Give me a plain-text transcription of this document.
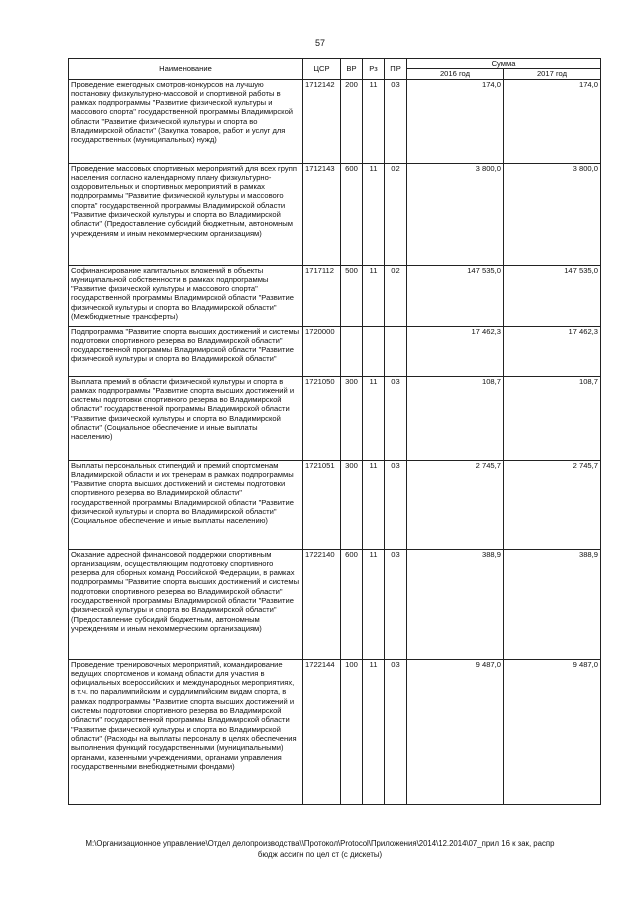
57
Наименование	ЦСР	ВР	Рз	ПР	Сумма	
					2016 год	2017 год
Проведение ежегодных смотров-конкурсов на лучшую постановку физкультурно-массовой и спортивной работы в рамках подпрограммы "Развитие физической культуры и массового спорта" государственной программы Владимирской области "Развитие физической культуры и спорта во Владимирской области" (Закупка товаров, работ и услуг для государственных (муниципальных) нужд)	1712142	200	11	03	174,0	174,0
Проведение массовых спортивных мероприятий для всех групп населения согласно календарному плану физкультурно-оздоровительных и спортивных мероприятий в рамках подпрограммы "Развитие физической культуры и массового спорта" государственной программы Владимирской области "Развитие физической культуры и спорта во Владимирской области" (Предоставление субсидий бюджетным, автономным учреждениям и иным некоммерческим организациям)	1712143	600	11	02	3 800,0	3 800,0
Софинансирование капитальных вложений в объекты муниципальной собственности в рамках подпрограммы "Развитие физической культуры и массового спорта" государственной программы Владимирской области "Развитие физической культуры и спорта во Владимирской области" (Межбюджетные трансферты)	1717112	500	11	02	147 535,0	147 535,0
Подпрограмма "Развитие спорта высших достижений и системы подготовки спортивного резерва во Владимирской области" государственной программы Владимирской области "Развитие физической культуры и спорта во Владимирской области"	1720000				17 462,3	17 462,3
Выплата премий в области физической культуры и спорта в рамках подпрограммы "Развитие спорта высших достижений и системы подготовки спортивного резерва во Владимирской области" государственной программы Владимирской области "Развитие физической культуры и спорта во Владимирской области" (Социальное обеспечение и иные выплаты населению)	1721050	300	11	03	108,7	108,7
Выплаты персональных стипендий и премий спортсменам Владимирской области и их тренерам в рамках подпрограммы "Развитие спорта высших достижений и системы подготовки спортивного резерва во Владимирской области" государственной программы Владимирской области "Развитие физической культуры и спорта во Владимирской области" (Социальное обеспечение и иные выплаты населению)	1721051	300	11	03	2 745,7	2 745,7
Оказание адресной финансовой поддержки спортивным организациям, осуществляющим подготовку спортивного резерва для сборных команд Российской Федерации, в рамках подпрограммы "Развитие спорта высших достижений и системы подготовки спортивного резерва во Владимирской области" государственной программы Владимирской области "Развитие физической культуры и спорта во Владимирской области" (Предоставление субсидий бюджетным, автономным учреждениям и иным некоммерческим организациям)	1722140	600	11	03	388,9	388,9
Проведение тренировочных мероприятий, командирование ведущих спортсменов и команд области для участия в официальных всероссийских и международных мероприятиях, в т.ч. по паралимпийским и сурдлимпийским видам спорта, в рамках подпрограммы "Развитие спорта высших достижений и системы подготовки спортивного резерва во Владимирской области" государственной программы Владимирской области "Развитие физической культуры и спорта во Владимирской области" (Расходы на выплаты персоналу в целях обеспечения выполнения функций государственными (муниципальными) органами, казенными учреждениями, органами управления государственными внебюджетными фондами)	1722144	100	11	03	9 487,0	9 487,0
M:\Организационное управление\Отдел делопроизводства\\Протокол\Protocol\Приложения\2014\12.2014\07_прил 16 к зак, распр
бюдж ассигн по цел ст (с дискеты)
